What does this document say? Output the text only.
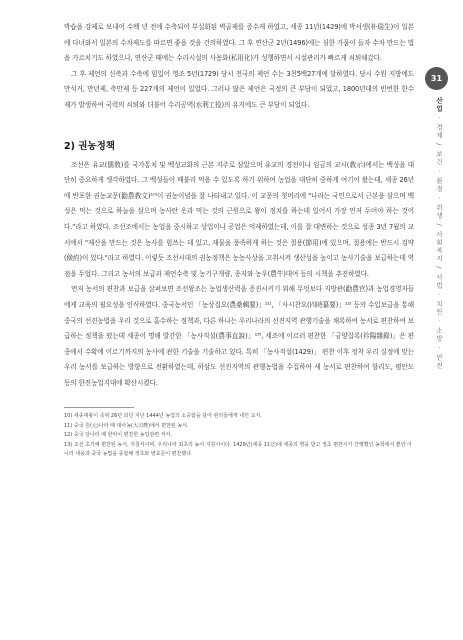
박습을 강제로 보내어 수백 년 전에 수축되어 부실화된 벽골제를 증수케 하였고, 세종 11년(1429)에 박서생(朴瑞生)이 일본에 다녀와서 일본의 수차제도를 따르면 좋을 것을 건의하였다. 그 후 연산군 2년(1496)에는 심한 가뭄이 들자 수차 만드는 법을 가르치기도 하였으나, 연산군 때에는 수리시설의 사용화(私用化)가 성행하면서 시설관리가 빠르게 쇠퇴해갔다.

그 후 제언의 신축과 수축에 힘입어 영조 5년(1729) 당시 전국의 제언 수는 3천5백27개에 달하였다. 당시 수원 지방에도 만석거, 만년제, 축만제 등 227개의 제언이 있었다. 그러나 많은 제언은 국정의 큰 부담이 되었고, 1800년대의 빈번한 한수재가 발생하여 국력의 쇠퇴와 더불어 수리공역(水利工役)의 유지에도 큰 부담이 되었다.

2) 권농정책

조선은 유교(儒敎)를 국가통치 및 백성교화의 근본 지주로 삼았으며 유교의 경전이나 임금의 교시(敎示)에서는 백성을 대단히 중요하게 생각하였다. 그 백성들이 배불리 먹을 수 있도록 하기 위하여 농업을 대단히 중하게 여기어 왔는데, 세종 26년에 반포한 권농교문(勸農敎文)¹⁰⁾이 권농이념을 잘 나타내고 있다. 이 교문의 첫머리에 "나라는 국민으로서 근본을 삼으며 백성은 먹는 것으로 하늘을 삼으며 농사란 옷과 먹는 것의 근원으로 왕이 정치를 하는데 있어서 가장 먼저 두어야 하는 것이다."라고 하였다. 조선조에서는 농업을 중시하고 상업이나 공업은 억제하였는데, 이를 잘 대변하는 것으로 성종 3년 7월의 교서에서 "재산을 만드는 것은 농사를 힘쓰는 데 있고, 재물을 풍족하게 하는 것은 절용(節用)에 있으며, 절용에는 반드시 검약(儉約)이 있다."라고 하였다. 이렇듯 조선시대의 권농정책은 농농사상을 고취시켜 생산성을 높이고 농사기술을 보급하는데 역점을 두었다. 그리고 농서의 보급과 제언수축 및 농기구개량, 종자와 농우(農牛)대여 등의 시책을 추진하였다.

먼저 농서의 편찬과 보급을 살펴보면 조선왕조는 농업생산력을 증진시키기 위해 무엇보다 지방관(勸農官)과 농업경영자들에게 교육의 필요성을 인식하였다. 중국농서인 「농상집요(農桑輯要)」¹¹⁾, 「사시찬요(四時纂要)」¹²⁾ 등의 수입보급을 통해 중국의 선진농법을 우리 것으로 흡수하는 정책과, 다른 하나는 우리나라의 선진지역 관행기술을 채록하여 농서로 편찬하여 보급하는 정책을 폈는데 세종이 명해 발간한 「농사직설(農事直說)」¹³⁾, 세조에 이르러 편찬한 「금양잡록(衿陽雜錄)」은 편종에서 수확에 이르기까지의 농사에 관한 기술을 기술하고 있다. 특히 「농사직설(1429)」 편찬 이후 정착 우리 실정에 맞는 우리 농서를 보급하는 방향으로 전환하였는데, 하삼도 선진지역의 관행농법을 수집하여 새 농서로 편찬하여 향리도, 평안도 등의 한전농업지대에 확산시켰다.

10) 세종대왕이 즉위 26년 되던 지난 1444년 농업의 소중함을 담아 관리들에게 내린 교지.
11) 중국 원(元)나라 때 대사농(大司農)에서 편찬된 농서.
12) 중국 당나라 때 한악이 편찬한 농업관련 저서.
13) 조선 초기에 편찬된 농서. 지침서이며, 우리나라 최초의 농서 지침서이다. 1429년(세종 11년)에 세종의 명을 받고 정초 편찬시가 간행했던 농학에서 뿐만 아니라 내용과 중국 농법을 종합해 정초와 변효문이 편찬했다.
31
산업 · 경제 / 보건 · 환경 · 위생 / 사회복지 / 사법 · 치안 · 소방 · 안전
